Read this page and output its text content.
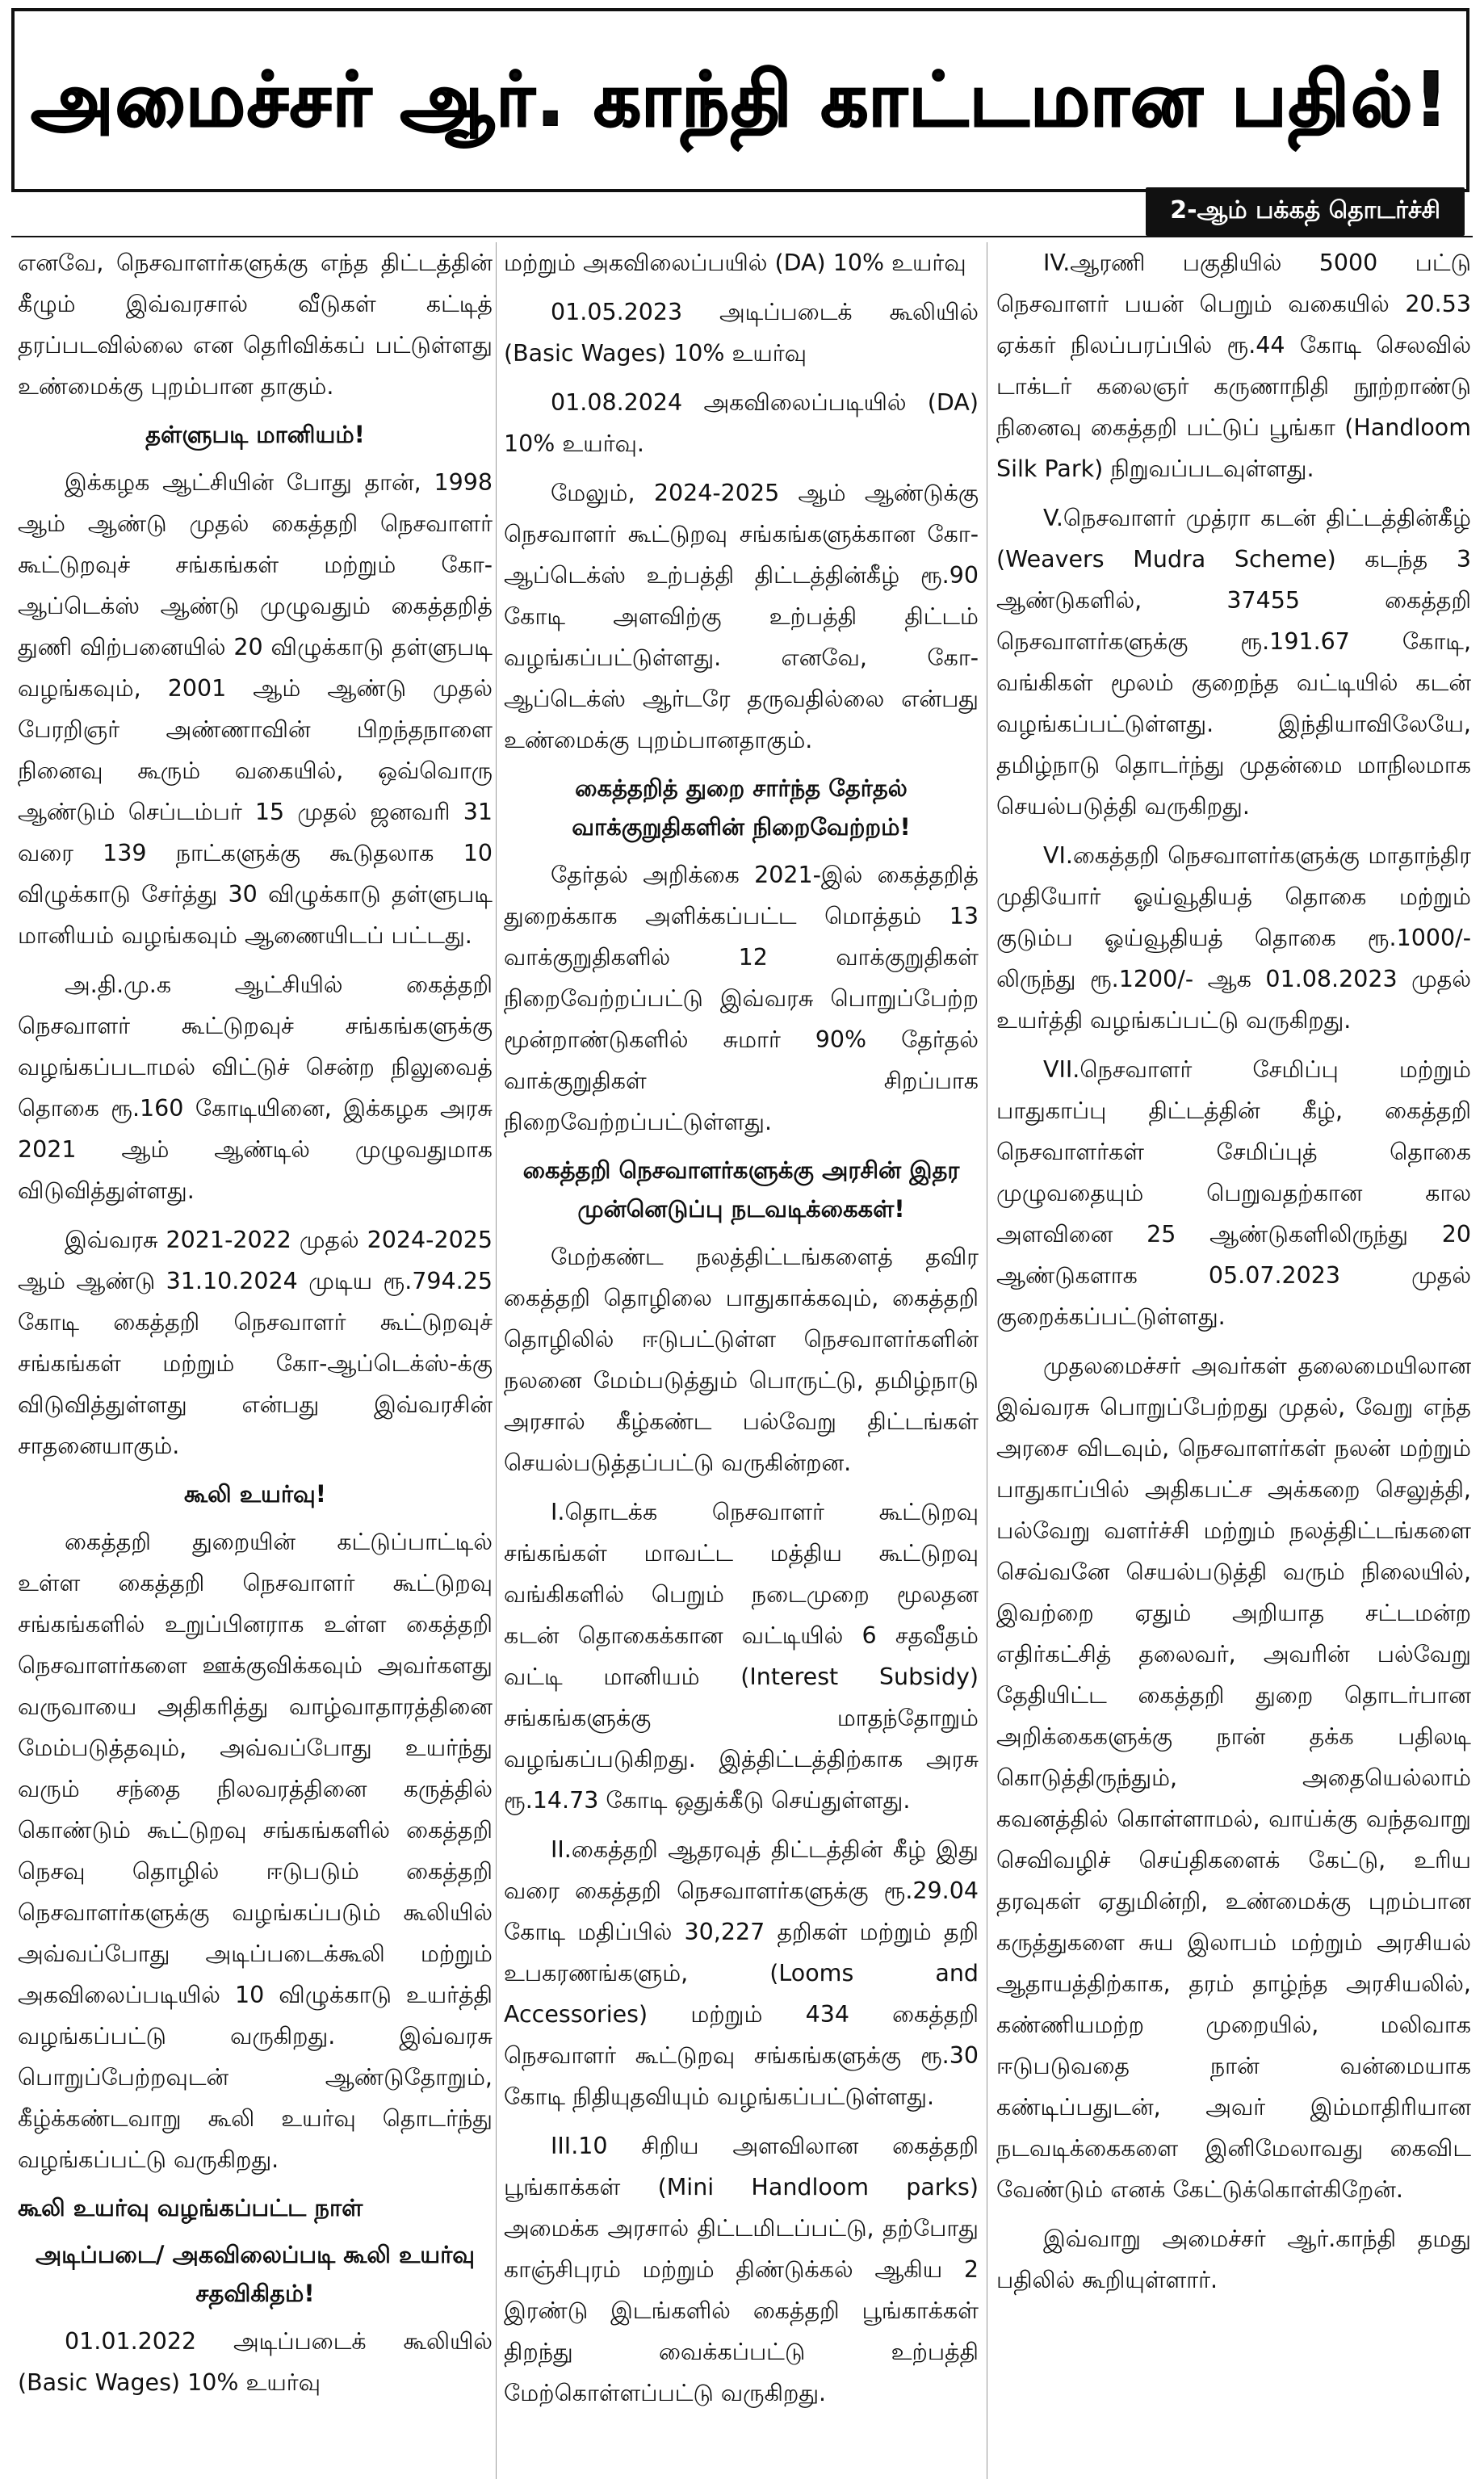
அமைச்சர் ஆர். காந்தி காட்டமான பதில்!
2-ஆம் பக்கத் தொடர்ச்சி

எனவே, நெசவாளர்களுக்கு எந்த திட்டத்தின் கீழும் இவ்வரசால் வீடுகள் கட்டித் தரப்படவில்லை என தெரிவிக்கப் பட்டுள்ளது உண்மைக்கு புறம்பான தாகும்.

தள்ளுபடி மானியம்!

இக்கழக ஆட்சியின் போது தான், 1998 ஆம் ஆண்டு முதல் கைத்தறி நெசவாளர் கூட்டுறவுச் சங்கங்கள் மற்றும் கோ-ஆப்டெக்ஸ் ஆண்டு முழுவதும் கைத்தறித் துணி விற்பனையில் 20 விழுக்காடு தள்ளுபடி வழங்கவும், 2001 ஆம் ஆண்டு முதல் பேரறிஞர் அண்ணாவின் பிறந்தநாளை நினைவு கூரும் வகையில், ஒவ்வொரு ஆண்டும் செப்டம்பர் 15 முதல் ஜனவரி 31 வரை 139 நாட்களுக்கு கூடுதலாக 10 விழுக்காடு சேர்த்து 30 விழுக்காடு தள்ளுபடி மானியம் வழங்கவும் ஆணையிடப் பட்டது.

அ.தி.மு.க ஆட்சியில் கைத்தறி நெசவாளர் கூட்டுறவுச் சங்கங்களுக்கு வழங்கப்படாமல் விட்டுச் சென்ற நிலுவைத் தொகை ரூ.160 கோடியினை, இக்கழக அரசு 2021 ஆம் ஆண்டில் முழுவதுமாக விடுவித்துள்ளது.

இவ்வரசு 2021-2022 முதல் 2024-2025 ஆம் ஆண்டு 31.10.2024 முடிய ரூ.794.25 கோடி கைத்தறி நெசவாளர் கூட்டுறவுச் சங்கங்கள் மற்றும் கோ-ஆப்டெக்ஸ்-க்கு விடுவித்துள்ளது என்பது இவ்வரசின் சாதனையாகும்.

கூலி உயர்வு!

கைத்தறி துறையின் கட்டுப்பாட்டில் உள்ள கைத்தறி நெசவாளர் கூட்டுறவு சங்கங்களில் உறுப்பினராக உள்ள கைத்தறி நெசவாளர்களை ஊக்குவிக்கவும் அவர்களது வருவாயை அதிகரித்து வாழ்வாதாரத்தினை மேம்படுத்தவும், அவ்வப்போது உயர்ந்து வரும் சந்தை நிலவரத்தினை கருத்தில் கொண்டும் கூட்டுறவு சங்கங்களில் கைத்தறி நெசவு தொழில் ஈடுபடும் கைத்தறி நெசவாளர்களுக்கு வழங்கப்படும் கூலியில் அவ்வப்போது அடிப்படைக்கூலி மற்றும் அகவிலைப்படியில் 10 விழுக்காடு உயர்த்தி வழங்கப்பட்டு வருகிறது. இவ்வரசு பொறுப்பேற்றவுடன் ஆண்டுதோறும், கீழ்க்கண்டவாறு கூலி உயர்வு தொடர்ந்து வழங்கப்பட்டு வருகிறது.

கூலி உயர்வு வழங்கப்பட்ட நாள்
அடிப்படை/ அகவிலைப்படி கூலி உயர்வு சதவிகிதம்!

01.01.2022 அடிப்படைக் கூலியில் (Basic Wages) 10% உயர்வு

மற்றும் அகவிலைப்பயில் (DA) 10% உயர்வு

01.05.2023 அடிப்படைக் கூலியில் (Basic Wages) 10% உயர்வு

01.08.2024 அகவிலைப்படியில் (DA) 10% உயர்வு.

மேலும், 2024-2025 ஆம் ஆண்டுக்கு நெசவாளர் கூட்டுறவு சங்கங்களுக்கான கோ-ஆப்டெக்ஸ் உற்பத்தி திட்டத்தின்கீழ் ரூ.90 கோடி அளவிற்கு உற்பத்தி திட்டம் வழங்கப்பட்டுள்ளது. எனவே, கோ-ஆப்டெக்ஸ் ஆர்டரே தருவதில்லை என்பது உண்மைக்கு புறம்பானதாகும்.

கைத்தறித் துறை சார்ந்த தேர்தல் வாக்குறுதிகளின் நிறைவேற்றம்!

தேர்தல் அறிக்கை 2021-இல் கைத்தறித் துறைக்காக அளிக்கப்பட்ட மொத்தம் 13 வாக்குறுதிகளில் 12 வாக்குறுதிகள் நிறைவேற்றப்பட்டு இவ்வரசு பொறுப்பேற்ற மூன்றாண்டுகளில் சுமார் 90% தேர்தல் வாக்குறுதிகள் சிறப்பாக நிறைவேற்றப்பட்டுள்ளது.

கைத்தறி நெசவாளர்களுக்கு அரசின் இதர முன்னெடுப்பு நடவடிக்கைகள்!

மேற்கண்ட நலத்திட்டங்களைத் தவிர கைத்தறி தொழிலை பாதுகாக்கவும், கைத்தறி தொழிலில் ஈடுபட்டுள்ள நெசவாளர்களின் நலனை மேம்படுத்தும் பொருட்டு, தமிழ்நாடு அரசால் கீழ்கண்ட பல்வேறு திட்டங்கள் செயல்படுத்தப்பட்டு வருகின்றன.

I.தொடக்க நெசவாளர் கூட்டுறவு சங்கங்கள் மாவட்ட மத்திய கூட்டுறவு வங்கிகளில் பெறும் நடைமுறை மூலதன கடன் தொகைக்கான வட்டியில் 6 சதவீதம் வட்டி மானியம் (Interest Subsidy) சங்கங்களுக்கு மாதந்தோறும் வழங்கப்படுகிறது. இத்திட்டத்திற்காக அரசு ரூ.14.73 கோடி ஒதுக்கீடு செய்துள்ளது.

II.கைத்தறி ஆதரவுத் திட்டத்தின் கீழ் இது வரை கைத்தறி நெசவாளர்களுக்கு ரூ.29.04 கோடி மதிப்பில் 30,227 தறிகள் மற்றும் தறி உபகரணங்களும், (Looms and Accessories) மற்றும் 434 கைத்தறி நெசவாளர் கூட்டுறவு சங்கங்களுக்கு ரூ.30 கோடி நிதியுதவியும் வழங்கப்பட்டுள்ளது.

III.10 சிறிய அளவிலான கைத்தறி பூங்காக்கள் (Mini Handloom parks) அமைக்க அரசால் திட்டமிடப்பட்டு, தற்போது காஞ்சிபுரம் மற்றும் திண்டுக்கல் ஆகிய 2 இரண்டு இடங்களில் கைத்தறி பூங்காக்கள் திறந்து வைக்கப்பட்டு உற்பத்தி மேற்கொள்ளப்பட்டு வருகிறது.

IV.ஆரணி பகுதியில் 5000 பட்டு நெசவாளர் பயன் பெறும் வகையில் 20.53 ஏக்கர் நிலப்பரப்பில் ரூ.44 கோடி செலவில் டாக்டர் கலைஞர் கருணாநிதி நூற்றாண்டு நினைவு கைத்தறி பட்டுப் பூங்கா (Handloom Silk Park) நிறுவப்படவுள்ளது.

V.நெசவாளர் முத்ரா கடன் திட்டத்தின்கீழ் (Weavers Mudra Scheme) கடந்த 3 ஆண்டுகளில், 37455 கைத்தறி நெசவாளர்களுக்கு ரூ.191.67 கோடி, வங்கிகள் மூலம் குறைந்த வட்டியில் கடன் வழங்கப்பட்டுள்ளது. இந்தியாவிலேயே, தமிழ்நாடு தொடர்ந்து முதன்மை மாநிலமாக செயல்படுத்தி வருகிறது.

VI.கைத்தறி நெசவாளர்களுக்கு மாதாந்திர முதியோர் ஓய்வூதியத் தொகை மற்றும் குடும்ப ஓய்வூதியத் தொகை ரூ.1000/- லிருந்து ரூ.1200/- ஆக 01.08.2023 முதல் உயர்த்தி வழங்கப்பட்டு வருகிறது.

VII.நெசவாளர் சேமிப்பு மற்றும் பாதுகாப்பு திட்டத்தின் கீழ், கைத்தறி நெசவாளர்கள் சேமிப்புத் தொகை முழுவதையும் பெறுவதற்கான கால அளவினை 25 ஆண்டுகளிலிருந்து 20 ஆண்டுகளாக 05.07.2023 முதல் குறைக்கப்பட்டுள்ளது.

முதலமைச்சர் அவர்கள் தலைமையிலான இவ்வரசு பொறுப்பேற்றது முதல், வேறு எந்த அரசை விடவும், நெசவாளர்கள் நலன் மற்றும் பாதுகாப்பில் அதிகபட்ச அக்கறை செலுத்தி, பல்வேறு வளர்ச்சி மற்றும் நலத்திட்டங்களை செவ்வனே செயல்படுத்தி வரும் நிலையில், இவற்றை ஏதும் அறியாத சட்டமன்ற எதிர்கட்சித் தலைவர், அவரின் பல்வேறு தேதியிட்ட கைத்தறி துறை தொடர்பான அறிக்கைகளுக்கு நான் தக்க பதிலடி கொடுத்திருந்தும், அதையெல்லாம் கவனத்தில் கொள்ளாமல், வாய்க்கு வந்தவாறு செவிவழிச் செய்திகளைக் கேட்டு, உரிய தரவுகள் ஏதுமின்றி, உண்மைக்கு புறம்பான கருத்துகளை சுய இலாபம் மற்றும் அரசியல் ஆதாயத்திற்காக, தரம் தாழ்ந்த அரசியலில், கண்ணியமற்ற முறையில், மலிவாக ஈடுபடுவதை நான் வன்மையாக கண்டிப்பதுடன், அவர் இம்மாதிரியான நடவடிக்கைகளை இனிமேலாவது கைவிட வேண்டும் எனக் கேட்டுக்கொள்கிறேன்.

இவ்வாறு அமைச்சர் ஆர்.காந்தி தமது பதிலில் கூறியுள்ளார்.
